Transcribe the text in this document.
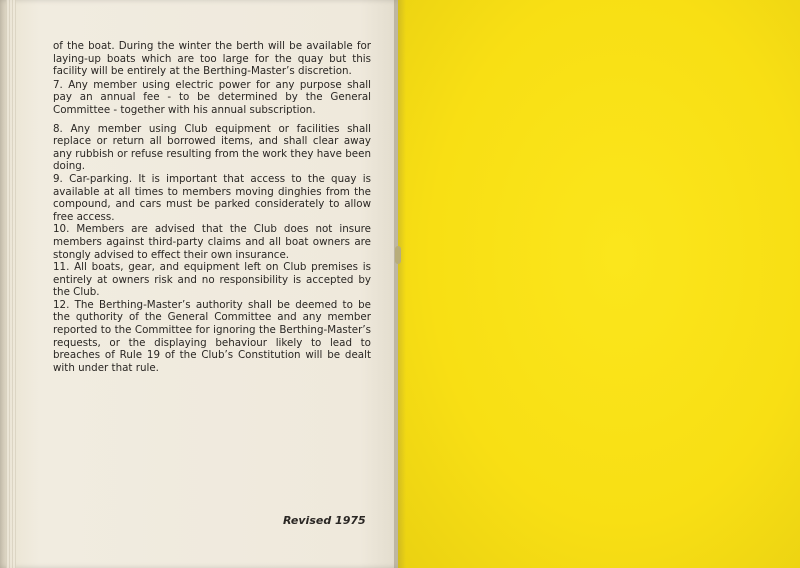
of the boat. During the winter the berth will be available for laying-up boats which are too large for the quay but this facility will be entirely at the Berthing-Master’s discretion.

7. Any member using electric power for any purpose shall pay an annual fee - to be determined by the General Committee - together with his annual subscription.

8. Any member using Club equipment or facilities shall replace or return all borrowed items, and shall clear away any rubbish or refuse resulting from the work they have been doing.

9. Car-parking. It is important that access to the quay is available at all times to members moving dinghies from the compound, and cars must be parked considerately to allow free access.

10. Members are advised that the Club does not insure members against third-party claims and all boat owners are stongly advised to effect their own insurance.

11. All boats, gear, and equipment left on Club premises is entirely at owners risk and no responsibility is accepted by the Club.

12. The Berthing-Master’s authority shall be deemed to be the quthority of the General Committee and any member reported to the Committee for ignoring the Berthing-Master’s requests, or the displaying behaviour likely to lead to breaches of Rule 19 of the Club’s Constitution will be dealt with under that rule.

Revised 1975
